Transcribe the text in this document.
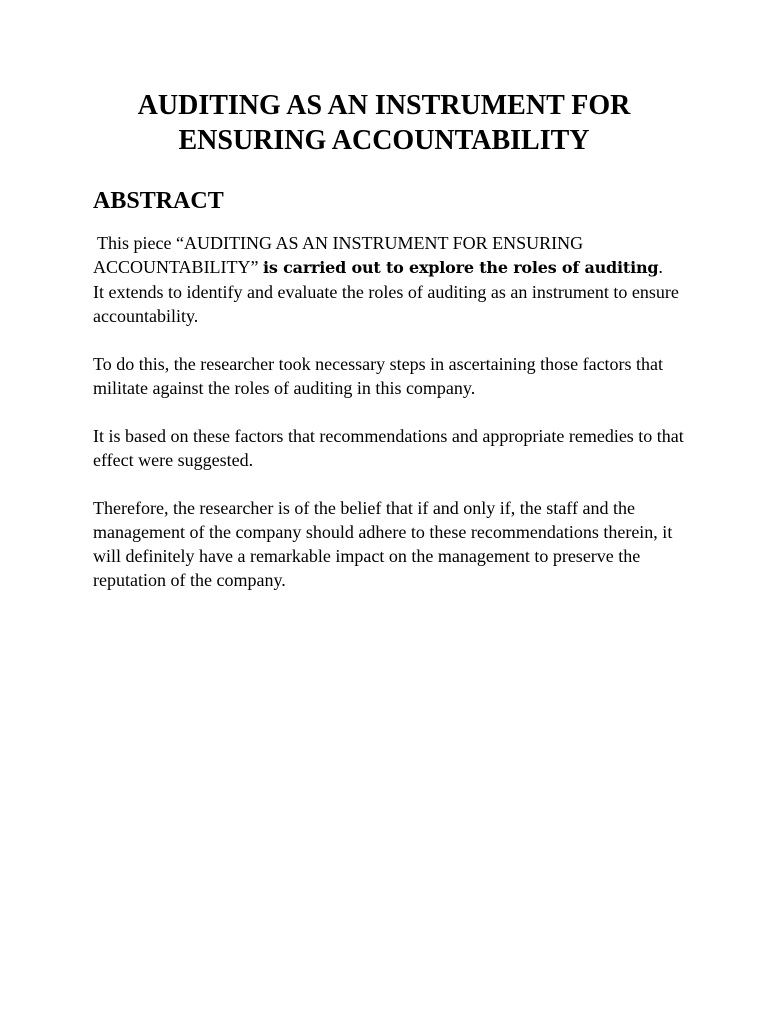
AUDITING AS AN INSTRUMENT FOR
ENSURING ACCOUNTABILITY
ABSTRACT

This piece “AUDITING AS AN INSTRUMENT FOR ENSURING ACCOUNTABILITY” is carried out to explore the roles of auditing.
It extends to identify and evaluate the roles of auditing as an instrument to ensure accountability.

To do this, the researcher took necessary steps in ascertaining those factors that militate against the roles of auditing in this company.

It is based on these factors that recommendations and appropriate remedies to that effect were suggested.

Therefore, the researcher is of the belief that if and only if, the staff and the management of the company should adhere to these recommendations therein, it will definitely have a remarkable impact on the management to preserve the reputation of the company.
